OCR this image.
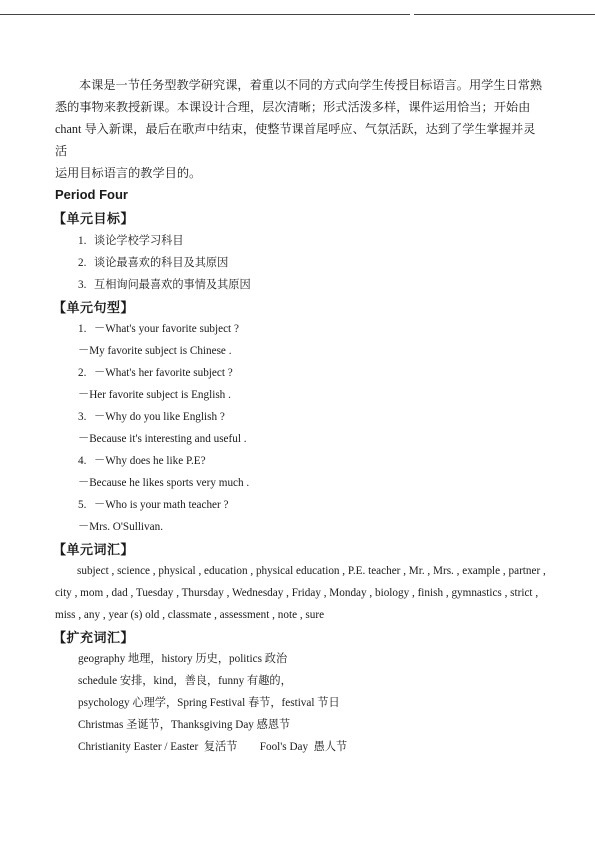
本课是一节任务型教学研究课，着重以不同的方式向学生传授目标语言。用学生日常熟

悉的事物来教授新课。本课设计合理，层次清晰；形式活泼多样，课件运用恰当；开始由

chant 导入新课，最后在歌声中结束，使整节课首尾呼应、气氛活跃，达到了学生掌握并灵活

运用目标语言的教学目的。

Period Four
【单元目标】
1. 谈论学校学习科目
2. 谈论最喜欢的科目及其原因
3. 互相询问最喜欢的事情及其原因
【单元句型】
1. －What's your favorite subject ?
－My favorite subject is Chinese .
2. －What's her favorite subject ?
－Her favorite subject is English .
3. －Why do you like English ?
－Because it's interesting and useful .
4. －Why does he like P.E?
－Because he likes sports very much .
5. －Who is your math teacher ?
－Mrs. O'Sullivan.
【单元词汇】

subject , science , physical , education , physical education , P.E. teacher , Mr. , Mrs. , example , partner , city , mom , dad , Tuesday , Thursday , Wednesday , Friday , Monday , biology , finish , gymnastics , strict , miss , any , year (s) old , classmate , assessment , note , sure

【扩充词汇】
geography 地理，history 历史，politics 政治
schedule 安排，kind，善良，funny 有趣的，
psychology 心理学，Spring Festival 春节，festival 节日
Christmas 圣诞节，Thanksgiving Day 感恩节
Christianity Easter / Easter  复活节        Fool's Day  愚人节
